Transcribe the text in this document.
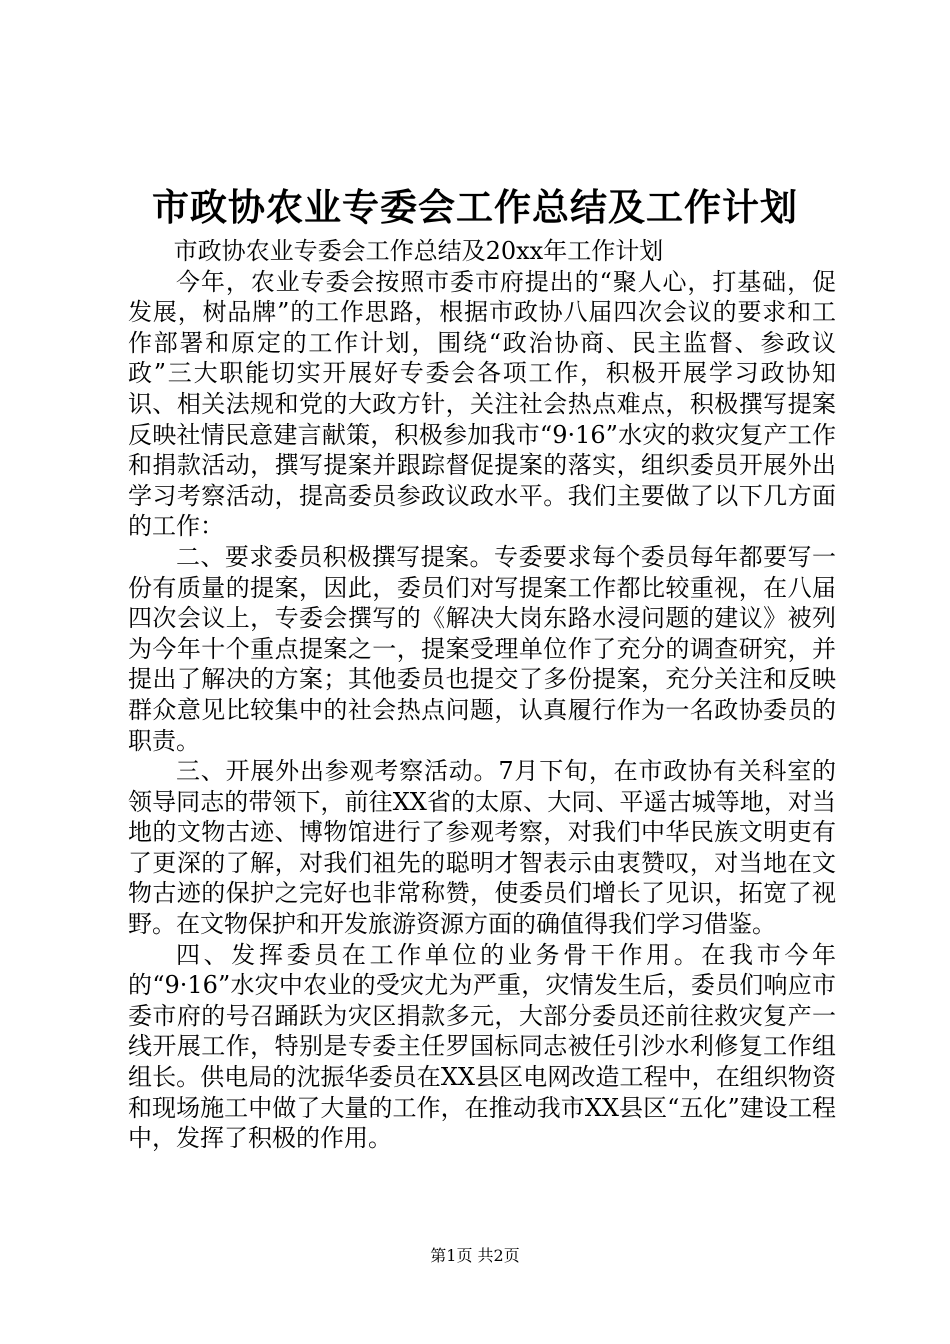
市政协农业专委会工作总结及工作计划

市政协农业专委会工作总结及20xx年工作计划

今年，农业专委会按照市委市府提出的“聚人心，打基础，促发展，树品牌”的工作思路，根据市政协八届四次会议的要求和工作部署和原定的工作计划，围绕“政治协商、民主监督、参政议政”三大职能切实开展好专委会各项工作，积极开展学习政协知识、相关法规和党的大政方针，关注社会热点难点，积极撰写提案反映社情民意建言献策，积极参加我市“9·16”水灾的救灾复产工作和捐款活动，撰写提案并跟踪督促提案的落实，组织委员开展外出学习考察活动，提高委员参政议政水平。我们主要做了以下几方面的工作：

二、要求委员积极撰写提案。专委要求每个委员每年都要写一份有质量的提案，因此，委员们对写提案工作都比较重视，在八届四次会议上，专委会撰写的《解决大岗东路水浸问题的建议》被列为今年十个重点提案之一，提案受理单位作了充分的调查研究，并提出了解决的方案；其他委员也提交了多份提案，充分关注和反映群众意见比较集中的社会热点问题，认真履行作为一名政协委员的职责。

三、开展外出参观考察活动。7月下旬，在市政协有关科室的领导同志的带领下，前往XX省的太原、大同、平遥古城等地，对当地的文物古迹、博物馆进行了参观考察，对我们中华民族文明吏有了更深的了解，对我们祖先的聪明才智表示由衷赞叹，对当地在文物古迹的保护之完好也非常称赞，使委员们增长了见识，拓宽了视野。在文物保护和开发旅游资源方面的确值得我们学习借鉴。

四、发挥委员在工作单位的业务骨干作用。在我市今年的“9·16”水灾中农业的受灾尤为严重，灾情发生后，委员们响应市委市府的号召踊跃为灾区捐款多元，大部分委员还前往救灾复产一线开展工作，特别是专委主任罗国标同志被任引沙水利修复工作组组长。供电局的沈振华委员在XX县区电网改造工程中，在组织物资和现场施工中做了大量的工作，在推动我市XX县区“五化”建设工程中，发挥了积极的作用。

第1页 共2页
